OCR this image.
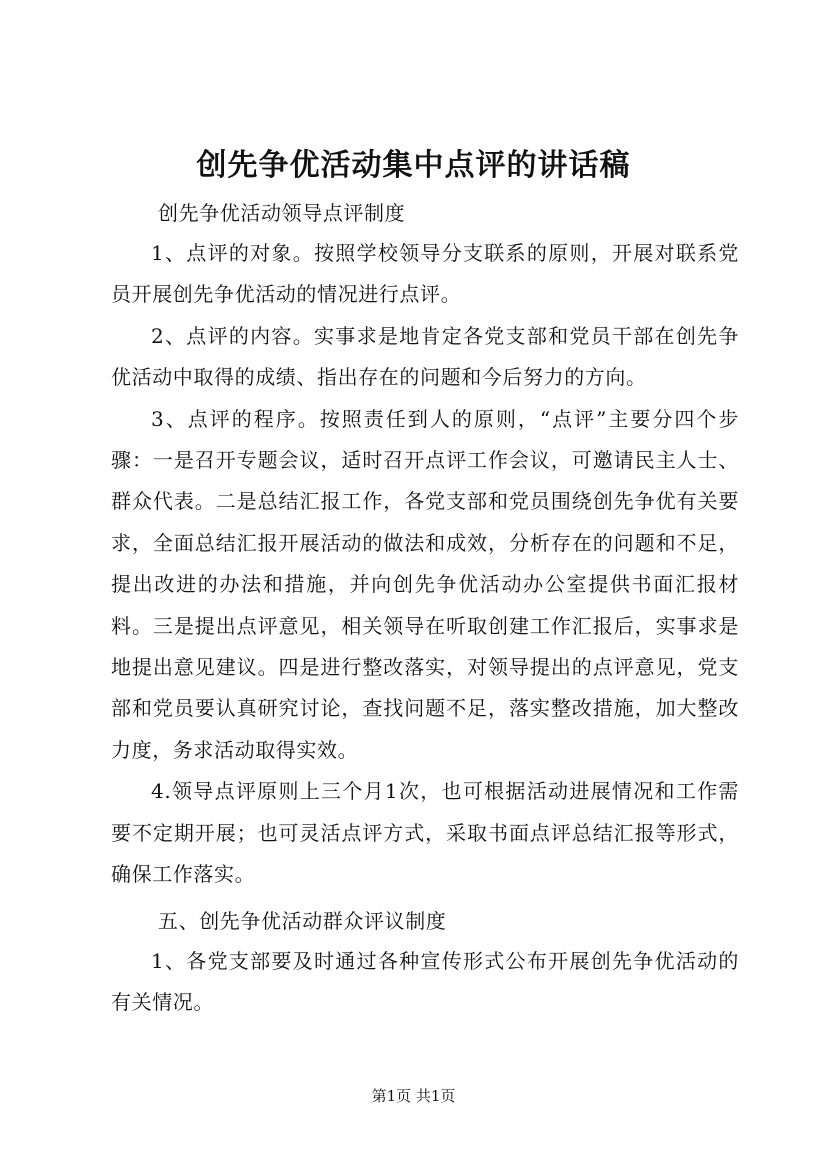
创先争优活动集中点评的讲话稿
创先争优活动领导点评制度

1、点评的对象。按照学校领导分支联系的原则，开展对联系党员开展创先争优活动的情况进行点评。

2、点评的内容。实事求是地肯定各党支部和党员干部在创先争优活动中取得的成绩、指出存在的问题和今后努力的方向。

3、点评的程序。按照责任到人的原则，“点评”主要分四个步骤：一是召开专题会议，适时召开点评工作会议，可邀请民主人士、群众代表。二是总结汇报工作，各党支部和党员围绕创先争优有关要求，全面总结汇报开展活动的做法和成效，分析存在的问题和不足，提出改进的办法和措施，并向创先争优活动办公室提供书面汇报材料。三是提出点评意见，相关领导在听取创建工作汇报后，实事求是地提出意见建议。四是进行整改落实，对领导提出的点评意见，党支部和党员要认真研究讨论，查找问题不足，落实整改措施，加大整改力度，务求活动取得实效。

4.领导点评原则上三个月1次，也可根据活动进展情况和工作需要不定期开展；也可灵活点评方式，采取书面点评总结汇报等形式，确保工作落实。

五、创先争优活动群众评议制度

1、各党支部要及时通过各种宣传形式公布开展创先争优活动的有关情况。

第1页 共1页
